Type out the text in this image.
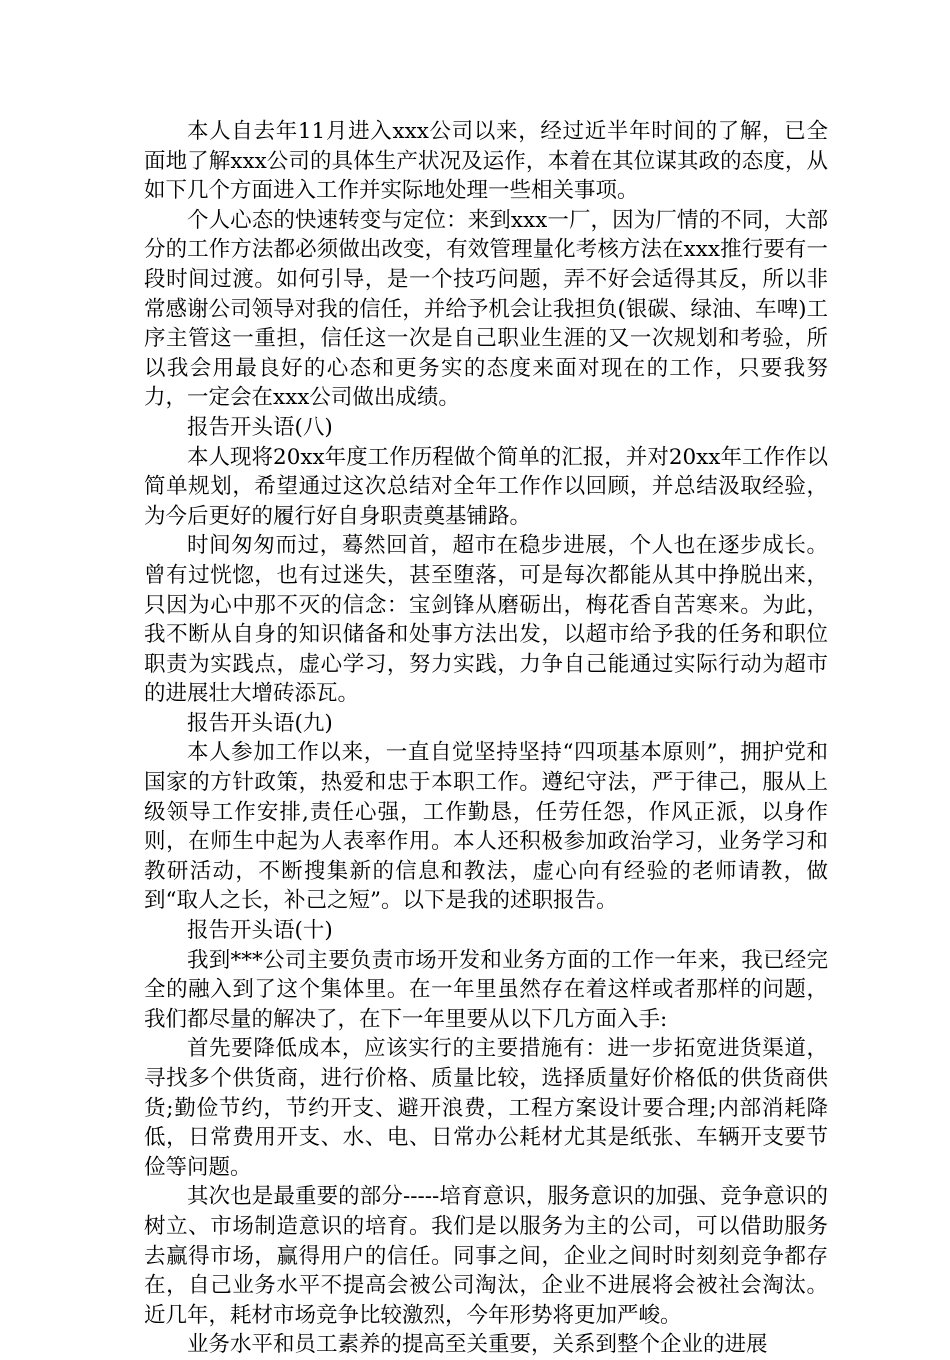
本人自去年11月进入xxx公司以来，经过近半年时间的了解，已全面地了解xxx公司的具体生产状况及运作，本着在其位谋其政的态度，从如下几个方面进入工作并实际地处理一些相关事项。

个人心态的快速转变与定位：来到xxx一厂，因为厂情的不同，大部分的工作方法都必须做出改变，有效管理量化考核方法在xxx推行要有一段时间过渡。如何引导，是一个技巧问题，弄不好会适得其反，所以非常感谢公司领导对我的信任，并给予机会让我担负(银碳、绿油、车啤)工序主管这一重担，信任这一次是自己职业生涯的又一次规划和考验，所以我会用最良好的心态和更务实的态度来面对现在的工作，只要我努力，一定会在xxx公司做出成绩。

报告开头语(八)

本人现将20xx年度工作历程做个简单的汇报，并对20xx年工作作以简单规划，希望通过这次总结对全年工作作以回顾，并总结汲取经验，为今后更好的履行好自身职责奠基铺路。

时间匆匆而过，蓦然回首，超市在稳步进展，个人也在逐步成长。曾有过恍惚，也有过迷失，甚至堕落，可是每次都能从其中挣脱出来，只因为心中那不灭的信念：宝剑锋从磨砺出，梅花香自苦寒来。为此，我不断从自身的知识储备和处事方法出发，以超市给予我的任务和职位职责为实践点，虚心学习，努力实践，力争自己能通过实际行动为超市的进展壮大增砖添瓦。

报告开头语(九)

本人参加工作以来，一直自觉坚持坚持“四项基本原则”，拥护党和国家的方针政策，热爱和忠于本职工作。遵纪守法，严于律己，服从上级领导工作安排,责任心强，工作勤恳，任劳任怨，作风正派，以身作则，在师生中起为人表率作用。本人还积极参加政治学习，业务学习和教研活动，不断搜集新的信息和教法，虚心向有经验的老师请教，做到“取人之长，补己之短”。以下是我的述职报告。

报告开头语(十)

我到***公司主要负责市场开发和业务方面的工作一年来，我已经完全的融入到了这个集体里。在一年里虽然存在着这样或者那样的问题，我们都尽量的解决了，在下一年里要从以下几方面入手:

首先要降低成本，应该实行的主要措施有：进一步拓宽进货渠道，寻找多个供货商，进行价格、质量比较，选择质量好价格低的供货商供货;勤俭节约，节约开支、避开浪费，工程方案设计要合理;内部消耗降低，日常费用开支、水、电、日常办公耗材尤其是纸张、车辆开支要节俭等问题。

其次也是最重要的部分-----培育意识，服务意识的加强、竞争意识的树立、市场制造意识的培育。我们是以服务为主的公司，可以借助服务去赢得市场，赢得用户的信任。同事之间，企业之间时时刻刻竞争都存在，自己业务水平不提高会被公司淘汰，企业不进展将会被社会淘汰。近几年，耗材市场竞争比较激烈，今年形势将更加严峻。

业务水平和员工素养的提高至关重要，关系到整个企业的进展
